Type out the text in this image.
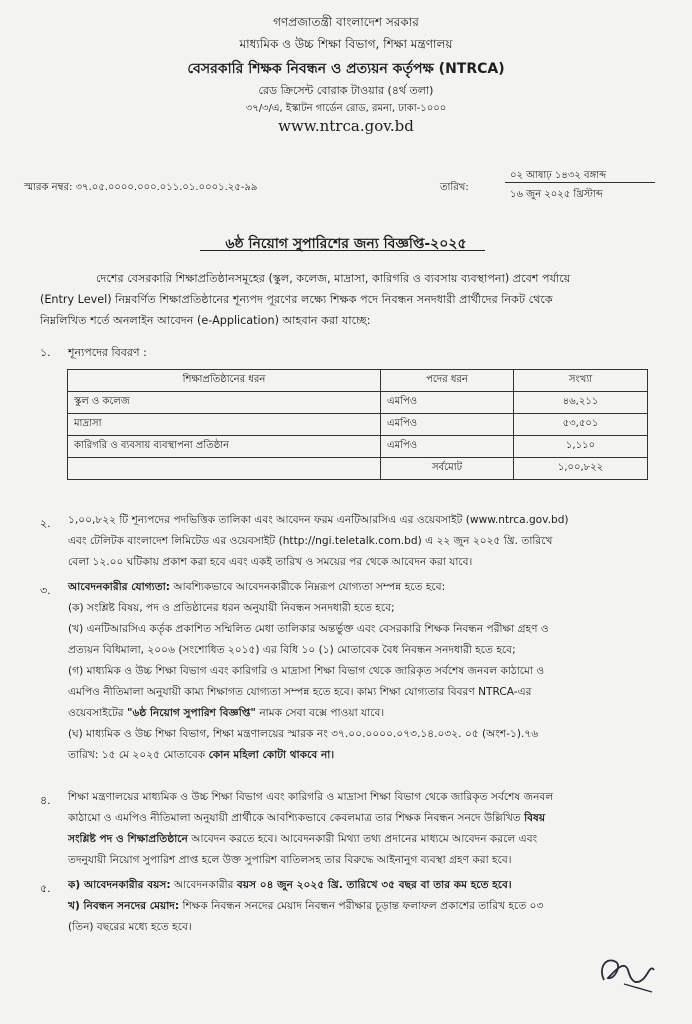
গণপ্রজাতন্ত্রী বাংলাদেশ সরকার
মাধ্যমিক ও উচ্চ শিক্ষা বিভাগ, শিক্ষা মন্ত্রণালয়
বেসরকারি শিক্ষক নিবন্ধন ও প্রত্যয়ন কর্তৃপক্ষ (NTRCA)
রেড ক্রিসেন্ট বোরাক টাওয়ার (৪র্থ তলা)
৩৭/৩/এ, ইস্কাটন গার্ডেন রোড, রমনা, ঢাকা-১০০০
www.ntrca.gov.bd
স্মারক নম্বর: ৩৭.০৫.০০০০.০০০.০১১.০১.০০০১.২৫-৯৯	তারিখ:
০২ আষাঢ় ১৪৩২ বঙ্গাব্দ
১৬ জুন ২০২৫ খ্রিস্টাব্দ
৬ষ্ঠ নিয়োগ সুপারিশের জন্য বিজ্ঞপ্তি-২০২৫
দেশের বেসরকারি শিক্ষাপ্রতিষ্ঠানসমূহের (স্কুল, কলেজ, মাদ্রাসা, কারিগরি ও ব্যবসায় ব্যবস্থাপনা) প্রবেশ পর্যায়ে
(Entry Level) নিম্নবর্ণিত শিক্ষাপ্রতিষ্ঠানের শূন্যপদ পূরণের লক্ষ্যে শিক্ষক পদে নিবন্ধন সনদধারী প্রার্থীদের নিকট থেকে
নিম্নলিখিত শর্তে অনলাইন আবেদন (e-Application) আহবান করা যাচ্ছে:
১. শূন্যপদের বিবরণ :
শিক্ষাপ্রতিষ্ঠানের ধরন	পদের ধরন	সংখ্যা
স্কুল ও কলেজ	এমপিও	৪৬,২১১
মাদ্রাসা	এমপিও	৫৩,৫০১
কারিগরি ও ব্যবসায় ব্যবস্থাপনা প্রতিষ্ঠান	এমপিও	১,১১০
	সর্বমোট	১,০০,৮২২
২. ১,০০,৮২২ টি শূন্যপদের পদভিত্তিক তালিকা এবং আবেদন ফরম এনটিআরসিএ এর ওয়েবসাইট (www.ntrca.gov.bd)
এবং টেলিটক বাংলাদেশ লিমিটেড এর ওয়েবসাইট (http://ngi.teletalk.com.bd) এ ২২ জুন ২০২৫ খ্রি. তারিখে
বেলা ১২.০০ ঘটিকায় প্রকাশ করা হবে এবং একই তারিখ ও সময়ের পর থেকে আবেদন করা যাবে।
৩. আবেদনকারীর যোগ্যতা: আবশ্যিকভাবে আবেদনকারীকে নিম্নরূপ যোগ্যতা সম্পন্ন হতে হবে:
(ক) সংশ্লিষ্ট বিষয়, পদ ও প্রতিষ্ঠানের ধরন অনুযায়ী নিবন্ধন সনদধারী হতে হবে;
(খ) এনটিআরসিএ কর্তৃক প্রকাশিত সম্মিলিত মেধা তালিকার অন্তর্ভুক্ত এবং বেসরকারি শিক্ষক নিবন্ধন পরীক্ষা গ্রহণ ও
প্রত্যয়ন বিধিমালা, ২০০৬ (সংশোধিত ২০১৫) এর বিধি ১০ (১) মোতাবেক বৈধ নিবন্ধন সনদধারী হতে হবে;
(গ) মাধ্যমিক ও উচ্চ শিক্ষা বিভাগ এবং কারিগরি ও মাদ্রাসা শিক্ষা বিভাগ থেকে জারিকৃত সর্বশেষ জনবল কাঠামো ও
এমপিও নীতিমালা অনুযায়ী কাম্য শিক্ষাগত যোগ্যতা সম্পন্ন হতে হবে। কাম্য শিক্ষা যোগ্যতার বিবরণ NTRCA-এর
ওয়েবসাইটের "৬ষ্ঠ নিয়োগ সুপারিশ বিজ্ঞপ্তি" নামক সেবা বক্সে পাওয়া যাবে।
(ঘ) মাধ্যমিক ও উচ্চ শিক্ষা বিভাগ, শিক্ষা মন্ত্রণালয়ের স্মারক নং ৩৭.০০.০০০০.০৭৩.১৪.০৩২. ০৫ (অংশ-১).৭৬
তারিখ: ১৫ মে ২০২৫ মোতাবেক কোন মহিলা কোটা থাকবে না।
৪. শিক্ষা মন্ত্রণালয়ের মাধ্যমিক ও উচ্চ শিক্ষা বিভাগ এবং কারিগরি ও মাদ্রাসা শিক্ষা বিভাগ থেকে জারিকৃত সর্বশেষ জনবল
কাঠামো ও এমপিও নীতিমালা অনুযায়ী প্রার্থীকে আবশ্যিকভাবে কেবলমাত্র তার শিক্ষক নিবন্ধন সনদে উল্লিখিত বিষয়
সংশ্লিষ্ট পদ ও শিক্ষাপ্রতিষ্ঠানে আবেদন করতে হবে। আবেদনকারী মিথ্যা তথ্য প্রদানের মাধ্যমে আবেদন করলে এবং
তদনুযায়ী নিয়োগ সুপারিশ প্রাপ্ত হলে উক্ত সুপারিশ বাতিলসহ তার বিরুদ্ধে আইনানুগ ব্যবস্থা গ্রহণ করা হবে।
৫. ক) আবেদনকারীর বয়স: আবেদনকারীর বয়স ০৪ জুন ২০২৫ খ্রি. তারিখে ৩৫ বছর বা তার কম হতে হবে।
খ) নিবন্ধন সনদের মেয়াদ: শিক্ষক নিবন্ধন সনদের মেয়াদ নিবন্ধন পরীক্ষার চূড়ান্ত ফলাফল প্রকাশের তারিখ হতে ০৩
(তিন) বছরের মধ্যে হতে হবে।
